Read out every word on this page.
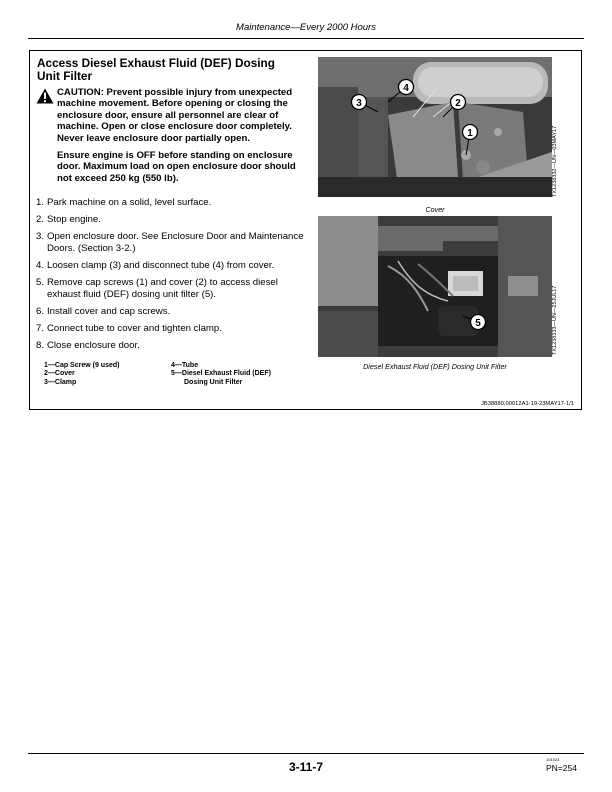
Maintenance—Every 2000 Hours
Access Diesel Exhaust Fluid (DEF) Dosing Unit Filter

CAUTION: Prevent possible injury from unexpected machine movement. Before opening or closing the enclosure door, ensure all personnel are clear of machine. Open or close enclosure door completely. Never leave enclosure door partially open.

Ensure engine is OFF before standing on enclosure door. Maximum load on open enclosure door should not exceed 250 kg (550 lb).

1. Park machine on a solid, level surface.
2. Stop engine.
3. Open enclosure door. See Enclosure Door and Maintenance Doors. (Section 3-2.)
4. Loosen clamp (3) and disconnect tube (4) from cover.
5. Remove cap screws (1) and cover (2) to access diesel exhaust fluid (DEF) dosing unit filter (5).
6. Install cover and cap screws.
7. Connect tube to cover and tighten clamp.
8. Close enclosure door.
1—Cap Screw (9 used)
2—Cover
3—Clamp
4—Tube
5—Diesel Exhaust Fluid (DEF)
Dosing Unit Filter
4
3	2
1	TX1238332—UN—03MAY17
Cover
5	TX1238333—UN—25JUL17
Diesel Exhaust Fluid (DEF) Dosing Unit Filter
JB38880,00012A1-19-23MAY17-1/1
3-11-7
101923
PN=254
